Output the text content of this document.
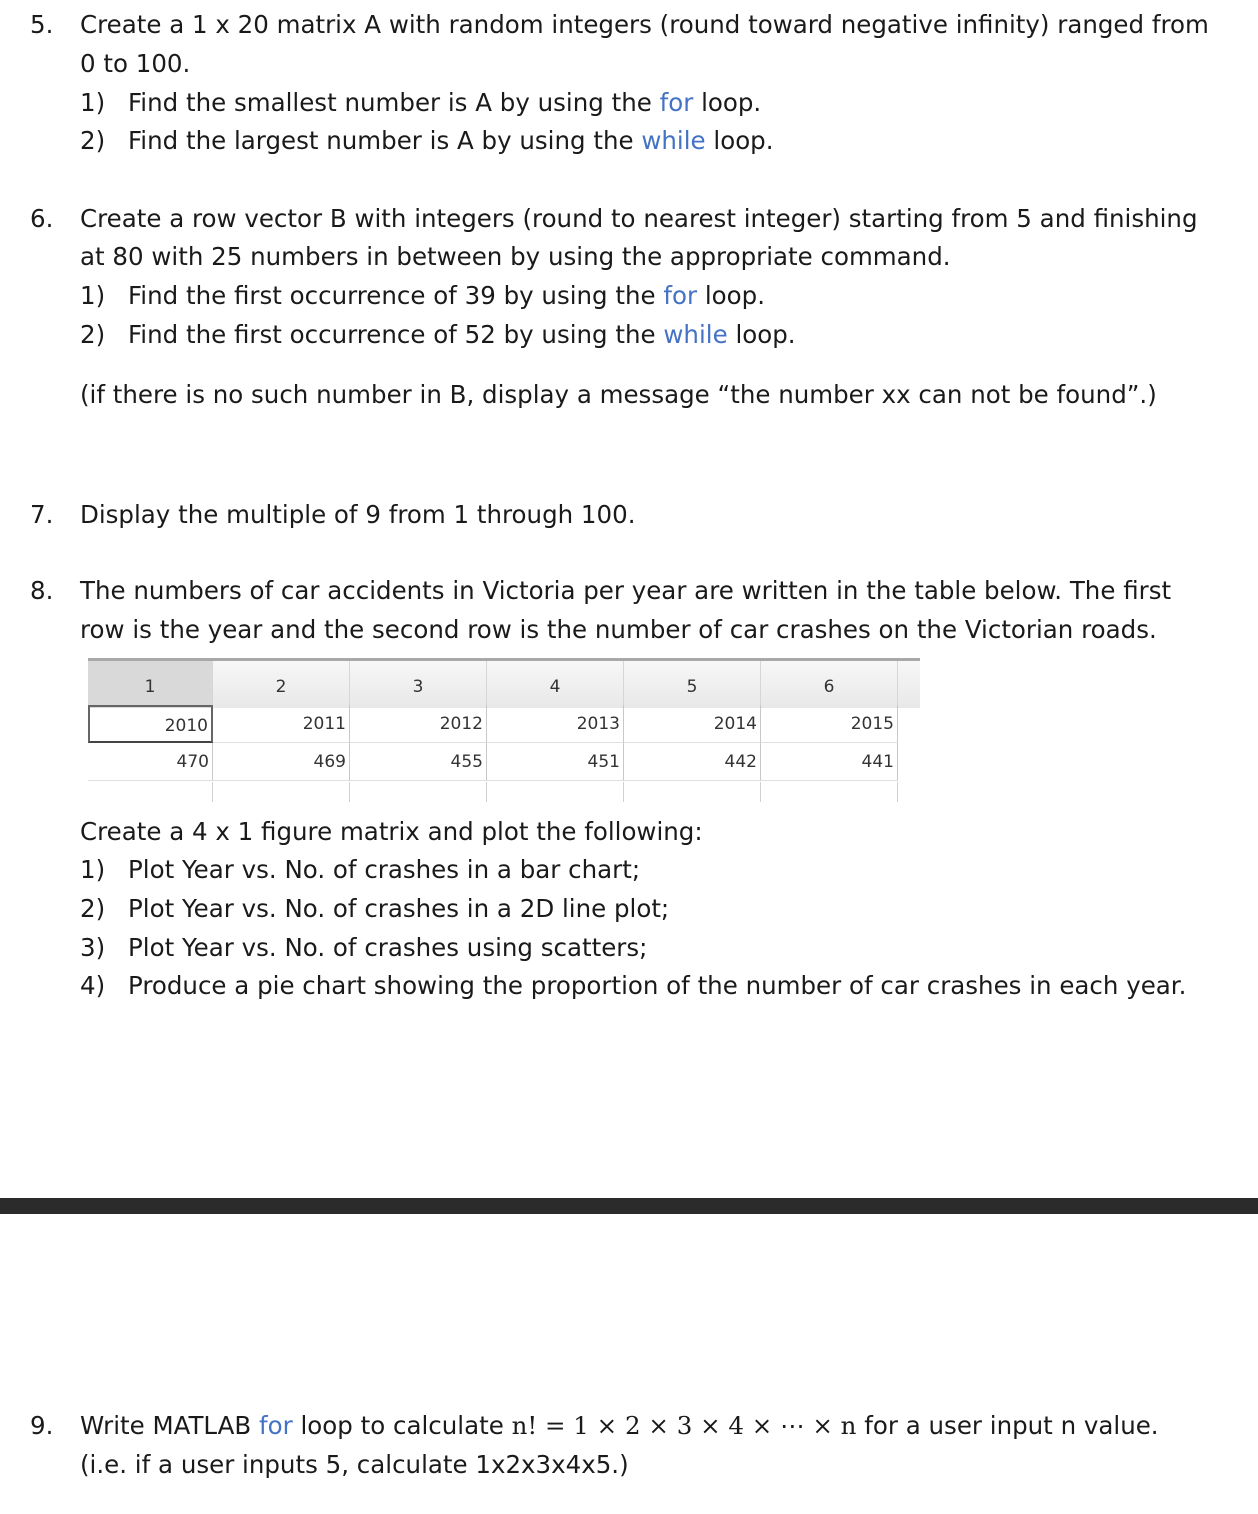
5. Create a 1 x 20 matrix A with random integers (round toward negative infinity) ranged from
0 to 100.
1) Find the smallest number is A by using the for loop.
2) Find the largest number is A by using the while loop.
6. Create a row vector B with integers (round to nearest integer) starting from 5 and finishing
at 80 with 25 numbers in between by using the appropriate command.
1) Find the first occurrence of 39 by using the for loop.
2) Find the first occurrence of 52 by using the while loop.
(if there is no such number in B, display a message “the number xx can not be found”.)
7. Display the multiple of 9 from 1 through 100.
8. The numbers of car accidents in Victoria per year are written in the table below. The first
row is the year and the second row is the number of car crashes on the Victorian roads.
1	2	3	4	5	6
2010	2011	2012	2013	2014	2015
470	469	455	451	442	441
Create a 4 x 1 figure matrix and plot the following:
1) Plot Year vs. No. of crashes in a bar chart;
2) Plot Year vs. No. of crashes in a 2D line plot;
3) Plot Year vs. No. of crashes using scatters;
4) Produce a pie chart showing the proportion of the number of car crashes in each year.
9. Write MATLAB for loop to calculate n! = 1 × 2 × 3 × 4 × ⋯ × n for a user input n value.
(i.e. if a user inputs 5, calculate 1x2x3x4x5.)
